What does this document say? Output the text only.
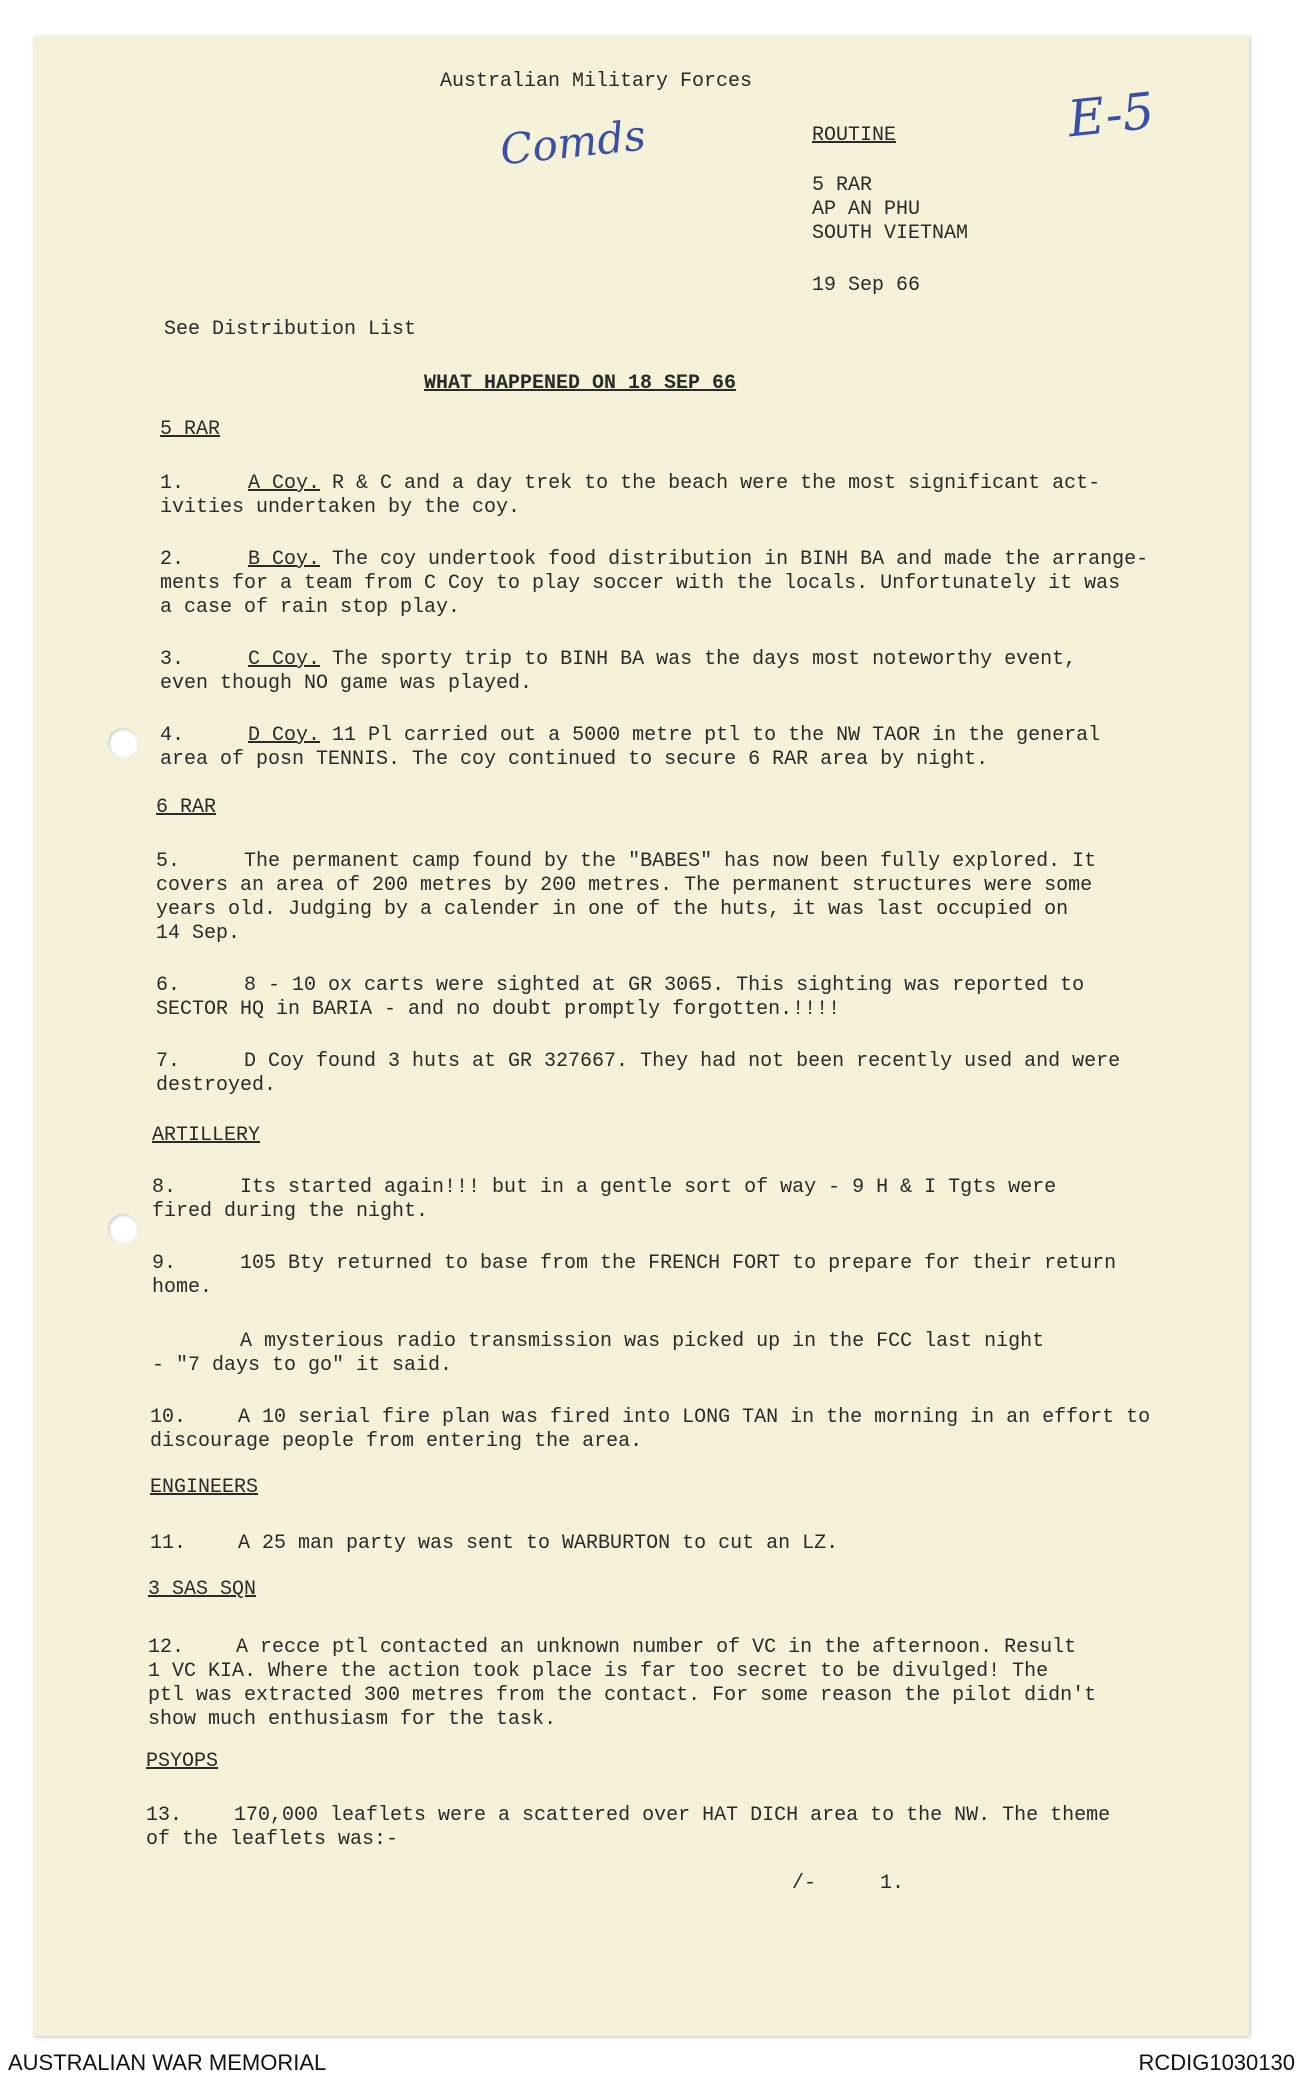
Australian Military Forces
Comds	E-5
ROUTINE
5 RAR
AP AN PHU
SOUTH VIETNAM
19 Sep 66
See Distribution List
WHAT HAPPENED ON 18 SEP 66
5 RAR
1.	A Coy. R & C and a day trek to the beach were the most significant act-
ivities undertaken by the coy.
2.	B Coy. The coy undertook food distribution in BINH BA and made the arrange-
ments for a team from C Coy to play soccer with the locals. Unfortunately it was
a case of rain stop play.
3.	C Coy. The sporty trip to BINH BA was the days most noteworthy event,
even though NO game was played.
4.	D Coy. 11 Pl carried out a 5000 metre ptl to the NW TAOR in the general
area of posn TENNIS. The coy continued to secure 6 RAR area by night.
6 RAR
5.	The permanent camp found by the "BABES" has now been fully explored. It
covers an area of 200 metres by 200 metres. The permanent structures were some
years old. Judging by a calender in one of the huts, it was last occupied on
14 Sep.
6.	8 - 10 ox carts were sighted at GR 3065. This sighting was reported to
SECTOR HQ in BARIA - and no doubt promptly forgotten.!!!!
7.	D Coy found 3 huts at GR 327667. They had not been recently used and were
destroyed.
ARTILLERY
8.	Its started again!!! but in a gentle sort of way - 9 H & I Tgts were
fired during the night.
9.	105 Bty returned to base from the FRENCH FORT to prepare for their return
home.
A mysterious radio transmission was picked up in the FCC last night
- "7 days to go" it said.
10.	A 10 serial fire plan was fired into LONG TAN in the morning in an effort to
discourage people from entering the area.
ENGINEERS
11.	A 25 man party was sent to WARBURTON to cut an LZ.
3 SAS SQN
12.	A recce ptl contacted an unknown number of VC in the afternoon. Result
1 VC KIA. Where the action took place is far too secret to be divulged! The
ptl was extracted 300 metres from the contact. For some reason the pilot didn't
show much enthusiasm for the task.
PSYOPS
13.	170,000 leaflets were a scattered over HAT DICH area to the NW. The theme
of the leaflets was:-
/-	1.
AUSTRALIAN WAR MEMORIAL	RCDIG1030130
